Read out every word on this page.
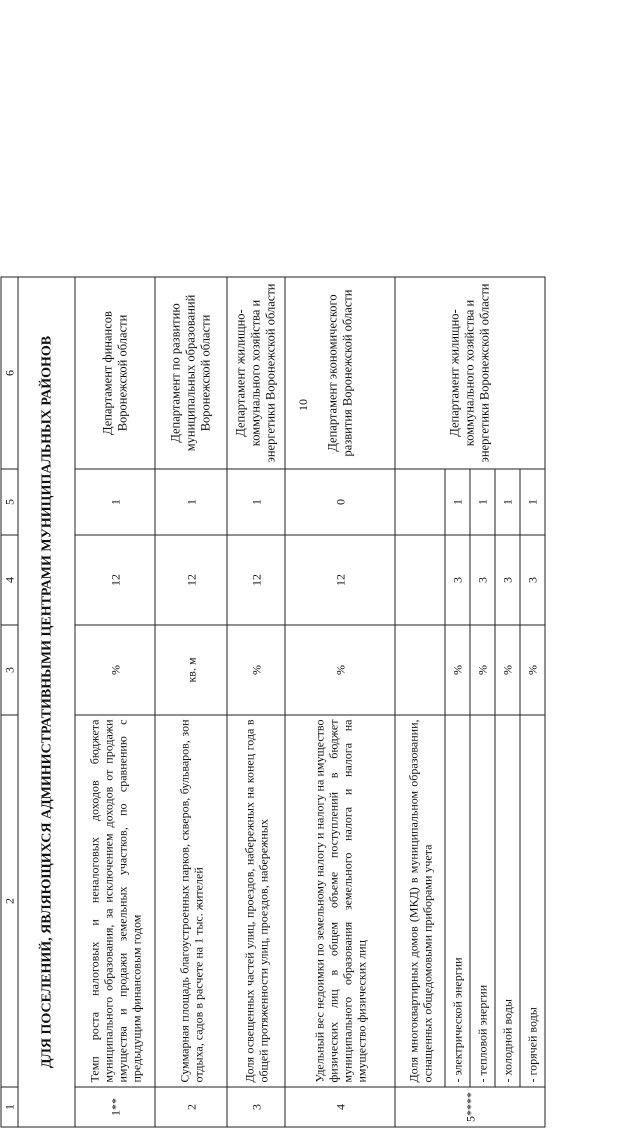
10
1	2	3	4	5	6
ДЛЯ ПОСЕЛЕНИЙ, ЯВЛЯЮЩИХСЯ АДМИНИСТРАТИВНЫМИ ЦЕНТРАМИ МУНИЦИПАЛЬНЫХ РАЙОНОВ					
1**	Темп роста налоговых и неналоговых доходов бюджета муниципального образования, за исключением доходов от продажи имущества и продажи земельных участков, по сравнению с предыдущим финансовым годом	%	12	1	Департамент финансов Воронежской области
2	Суммарная площадь благоустроенных парков, скверов, бульваров, зон отдыха, садов в расчете на 1 тыс. жителей	кв. м	12	1	Департамент по развитию муниципальных образований Воронежской области
3	Доля освещенных частей улиц, проездов, набережных на конец года в общей протяженности улиц, проездов, набережных	%	12	1	Департамент жилищно-коммунального хозяйства и энергетики Воронежской области
4	Удельный вес недоимки по земельному налогу и налогу на имущество физических лиц в общем объеме поступлений в бюджет муниципального образования земельного налога и налога на имущество физических лиц	%	12	0	Департамент экономического развития Воронежской области
5****	Доля многоквартирных домов (МКД) в муниципальном образовании, оснащенных общедомовыми приборами учета				Департамент жилищно-коммунального хозяйства и энергетики Воронежской области
	- электрической энергии	%	3	1	
	- тепловой энергии	%	3	1	
	- холодной воды	%	3	1	
	- горячей воды	%	3	1	
